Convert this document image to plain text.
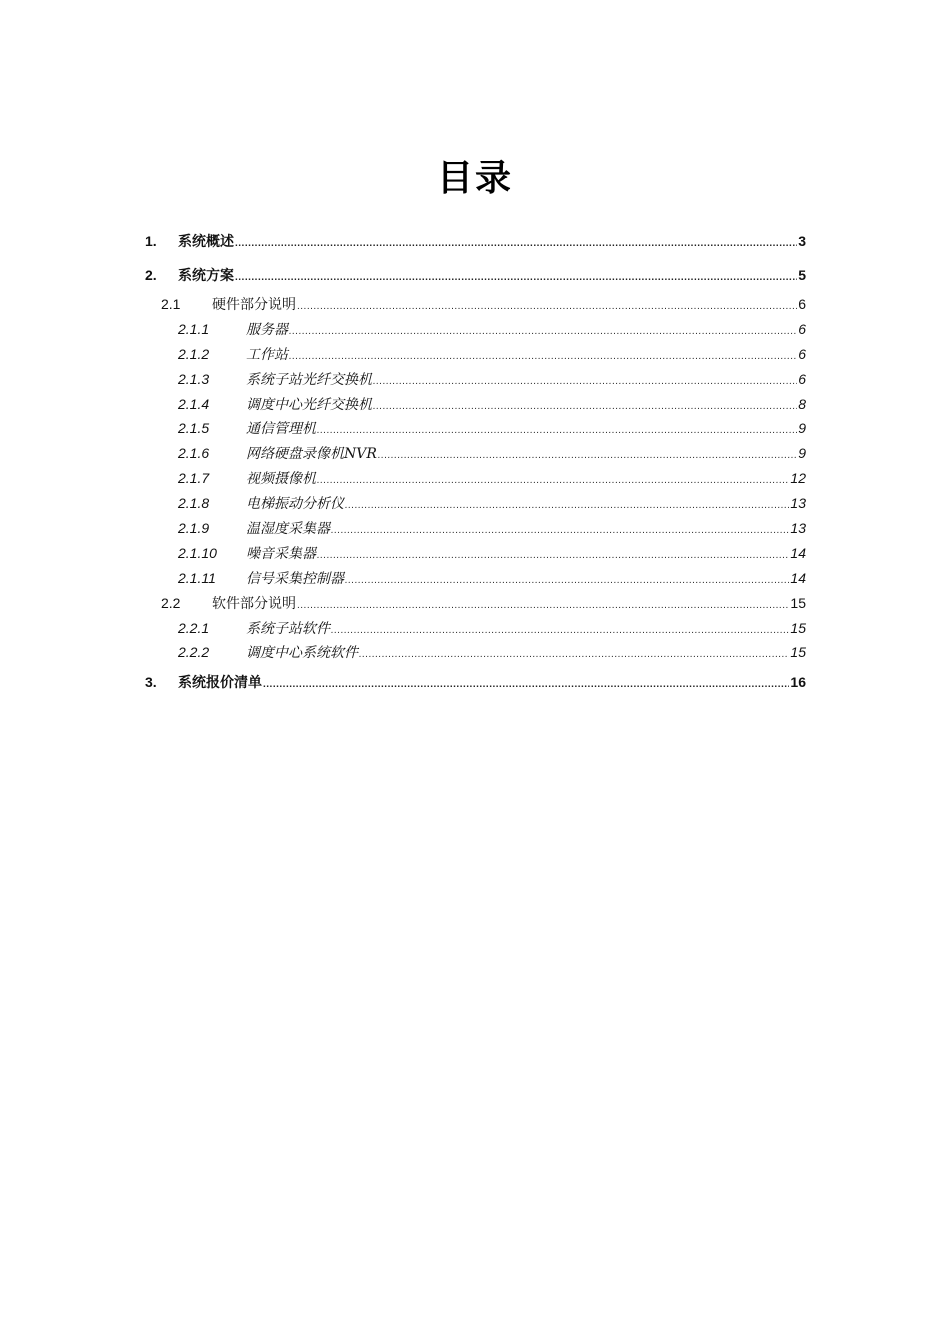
目录
1.	系统概述 .....	3
2.	系统方案 .....	5
2.1	硬件部分说明 .....	6
2.1.1	服务器 .....	6
2.1.2	工作站 .....	6
2.1.3	系统子站光纤交换机 .....	6
2.1.4	调度中心光纤交换机 .....	8
2.1.5	通信管理机 .....	9
2.1.6	网络硬盘录像机NVR .....	9
2.1.7	视频摄像机 .....	12
2.1.8	电梯振动分析仪 .....	13
2.1.9	温湿度采集器 .....	13
2.1.10	噪音采集器 .....	14
2.1.11	信号采集控制器 .....	14
2.2	软件部分说明 .....	15
2.2.1	系统子站软件 .....	15
2.2.2	调度中心系统软件 .....	15
3.	系统报价清单 .....	16
